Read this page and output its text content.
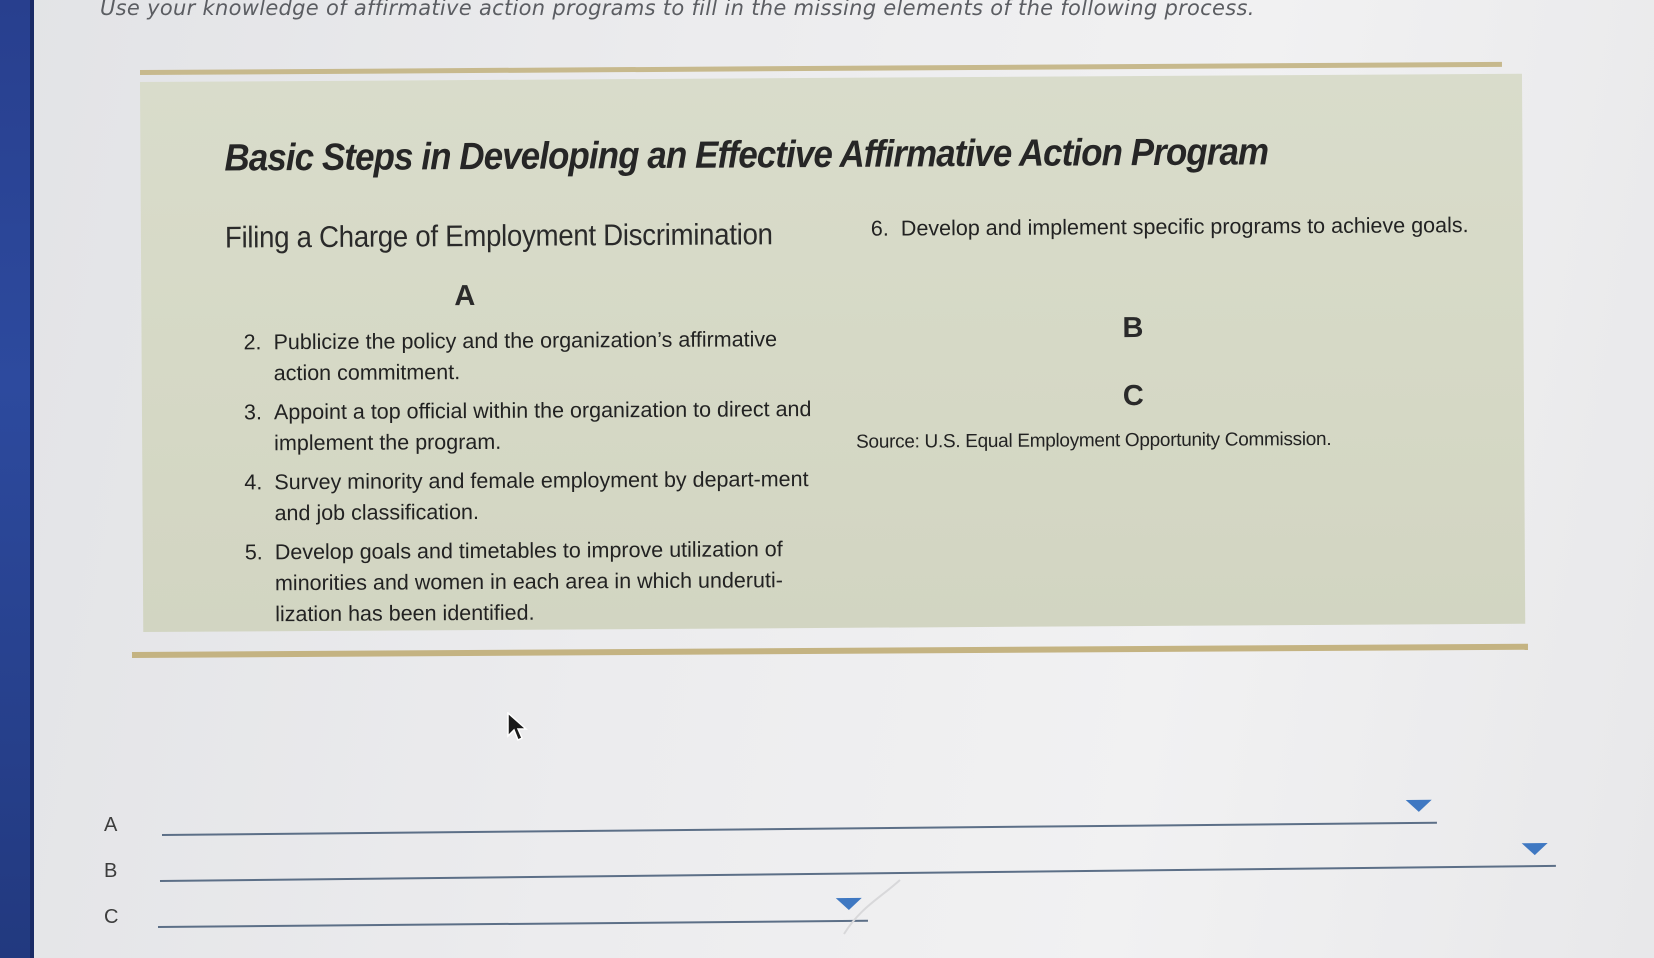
Use your knowledge of affirmative action programs to fill in the missing elements of the following process.
Basic Steps in Developing an Effective Affirmative Action Program
Filing a Charge of Employment Discrimination
A
2. Publicize the policy and the organization’s affirmative action commitment.
3. Appoint a top official within the organization to direct and implement the program.
4. Survey minority and female employment by depart-ment and job classification.
5. Develop goals and timetables to improve utilization of minorities and women in each area in which underuti-lization has been identified.
6. Develop and implement specific programs to achieve goals.
B
C
Source: U.S. Equal Employment Opportunity Commission.
A
B
C
